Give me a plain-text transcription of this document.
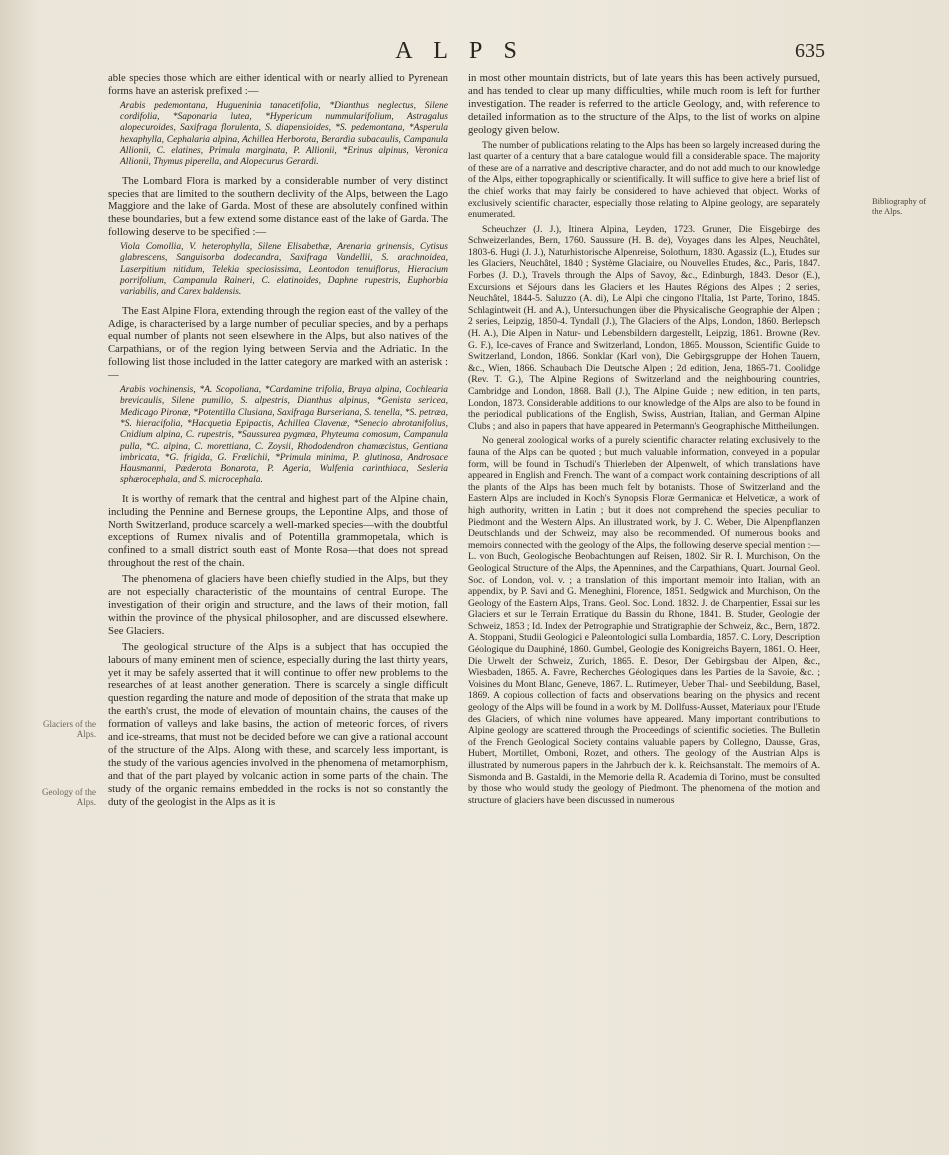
A L P S	635
Glaciers of the Alps.
Geology of the Alps.
Bibliography of the Alps.

able species those which are either identical with or nearly allied to Pyrenean forms have an asterisk prefixed :—

Arabis pedemontana, Hugueninia tanacetifolia, *Dianthus neglectus, Silene cordifolia, *Saponaria lutea, *Hypericum nummularifolium, Astragalus alopecuroides, Saxifraga florulenta, S. diapensioides, *S. pedemontana, *Asperula hexaphylla, Cephalaria alpina, Achillea Herborota, Berardia subacaulis, Campanula Allionii, C. elatines, Primula marginata, P. Allionii, *Erinus alpinus, Veronica Allionii, Thymus piperella, and Alopecurus Gerardi.

The Lombard Flora is marked by a considerable number of very distinct species that are limited to the southern declivity of the Alps, between the Lago Maggiore and the lake of Garda. Most of these are absolutely confined within these boundaries, but a few extend some distance east of the lake of Garda. The following deserve to be specified :—

Viola Comollia, V. heterophylla, Silene Elisabethæ, Arenaria grinensis, Cytisus glabrescens, Sanguisorba dodecandra, Saxifraga Vandellii, S. arachnoidea, Laserpitium nitidum, Telekia speciosissima, Leontodon tenuiflorus, Hieracium porrifolium, Campanula Raineri, C. elatinoides, Daphne rupestris, Euphorbia variabilis, and Carex baldensis.

The East Alpine Flora, extending through the region east of the valley of the Adige, is characterised by a large number of peculiar species, and by a perhaps equal number of plants not seen elsewhere in the Alps, but also natives of the Carpathians, or of the region lying between Servia and the Adriatic. In the following list those included in the latter category are marked with an asterisk :—

Arabis vochinensis, *A. Scopoliana, *Cardamine trifolia, Braya alpina, Cochlearia brevicaulis, Silene pumilio, S. alpestris, Dianthus alpinus, *Genista sericea, Medicago Pironæ, *Potentilla Clusiana, Saxifraga Burseriana, S. tenella, *S. petræa, *S. hieracifolia, *Hacquetia Epipactis, Achillea Clavenæ, *Senecio abrotanifolius, Cnidium alpina, C. rupestris, *Saussurea pygmæa, Phyteuma comosum, Campanula pulla, *C. alpina, C. morettiana, C. Zoysii, Rhododendron chamæcistus, Gentiana imbricata, *G. frigida, G. Frœlichii, *Primula minima, P. glutinosa, Androsace Hausmanni, Pæderota Bonarota, P. Ageria, Wulfenia carinthiaca, Sesleria sphærocephala, and S. microcephala.

It is worthy of remark that the central and highest part of the Alpine chain, including the Pennine and Bernese groups, the Lepontine Alps, and those of North Switzerland, produce scarcely a well-marked species—with the doubtful exceptions of Rumex nivalis and of Potentilla grammopetala, which is confined to a small district south east of Monte Rosa—that does not spread throughout the rest of the chain.

The phenomena of glaciers have been chiefly studied in the Alps, but they are not especially characteristic of the mountains of central Europe. The investigation of their origin and structure, and the laws of their motion, fall within the province of the physical philosopher, and are discussed elsewhere. See Glaciers.

The geological structure of the Alps is a subject that has occupied the labours of many eminent men of science, especially during the last thirty years, yet it may be safely asserted that it will continue to offer new problems to the researches of at least another generation. There is scarcely a single difficult question regarding the nature and mode of deposition of the strata that make up the earth's crust, the mode of elevation of mountain chains, the causes of the formation of valleys and lake basins, the action of meteoric forces, of rivers and ice-streams, that must not be decided before we can give a rational account of the structure of the Alps. Along with these, and scarcely less important, is the study of the various agencies involved in the phenomena of metamorphism, and that of the part played by volcanic action in some parts of the chain. The study of the organic remains embedded in the rocks is not so constantly the duty of the geologist in the Alps as it is

in most other mountain districts, but of late years this has been actively pursued, and has tended to clear up many difficulties, while much room is left for further investigation. The reader is referred to the article Geology, and, with reference to detailed information as to the structure of the Alps, to the list of works on alpine geology given below.

The number of publications relating to the Alps has been so largely increased during the last quarter of a century that a bare catalogue would fill a considerable space. The majority of these are of a narrative and descriptive character, and do not add much to our knowledge of the Alps, either topographically or scientifically. It will suffice to give here a brief list of the chief works that may fairly be considered to have achieved that object. Works of exclusively scientific character, especially those relating to Alpine geology, are separately enumerated.

Scheuchzer (J. J.), Itinera Alpina, Leyden, 1723. Gruner, Die Eisgebirge des Schweizerlandes, Bern, 1760. Saussure (H. B. de), Voyages dans les Alpes, Neuchâtel, 1803-6. Hugi (J. J.), Naturhistorische Alpenreise, Solothurn, 1830. Agassiz (L.), Etudes sur les Glaciers, Neuchâtel, 1840 ; Système Glaciaire, ou Nouvelles Etudes, &c., Paris, 1847. Forbes (J. D.), Travels through the Alps of Savoy, &c., Edinburgh, 1843. Desor (E.), Excursions et Séjours dans les Glaciers et les Hautes Régions des Alpes ; 2 series, Neuchâtel, 1844-5. Saluzzo (A. di), Le Alpi che cingono l'Italia, 1st Parte, Torino, 1845. Schlagintweit (H. and A.), Untersuchungen über die Physicalische Geographie der Alpen ; 2 series, Leipzig, 1850-4. Tyndall (J.), The Glaciers of the Alps, London, 1860. Berlepsch (H. A.), Die Alpen in Natur- und Lebensbildern dargestellt, Leipzig, 1861. Browne (Rev. G. F.), Ice-caves of France and Switzerland, London, 1865. Mousson, Scientific Guide to Switzerland, London, 1866. Sonklar (Karl von), Die Gebirgsgruppe der Hohen Tauern, &c., Wien, 1866. Schaubach Die Deutsche Alpen ; 2d edition, Jena, 1865-71. Coolidge (Rev. T. G.), The Alpine Regions of Switzerland and the neighbouring countries, Cambridge and London, 1868. Ball (J.), The Alpine Guide ; new edition, in ten parts, London, 1873. Considerable additions to our knowledge of the Alps are also to be found in the periodical publications of the English, Swiss, Austrian, Italian, and German Alpine Clubs ; and also in papers that have appeared in Petermann's Geographische Mittheilungen.

No general zoological works of a purely scientific character relating exclusively to the fauna of the Alps can be quoted ; but much valuable information, conveyed in a popular form, will be found in Tschudi's Thierleben der Alpenwelt, of which translations have appeared in English and French. The want of a compact work containing descriptions of all the plants of the Alps has been much felt by botanists. Those of Switzerland and the Eastern Alps are included in Koch's Synopsis Floræ Germanicæ et Helveticæ, a work of high authority, written in Latin ; but it does not comprehend the species peculiar to Piedmont and the Western Alps. An illustrated work, by J. C. Weber, Die Alpenpflanzen Deutschlands und der Schweiz, may also be recommended. Of numerous books and memoirs connected with the geology of the Alps, the following deserve special mention :—L. von Buch, Geologische Beobachtungen auf Reisen, 1802. Sir R. I. Murchison, On the Geological Structure of the Alps, the Apennines, and the Carpathians, Quart. Journal Geol. Soc. of London, vol. v. ; a translation of this important memoir into Italian, with an appendix, by P. Savi and G. Meneghini, Florence, 1851. Sedgwick and Murchison, On the Geology of the Eastern Alps, Trans. Geol. Soc. Lond. 1832. J. de Charpentier, Essai sur les Glaciers et sur le Terrain Erratique du Bassin du Rhone, 1841. B. Studer, Geologie der Schweiz, 1853 ; Id. Index der Petrographie und Stratigraphie der Schweiz, &c., Bern, 1872. A. Stoppani, Studii Geologici e Paleontologici sulla Lombardia, 1857. C. Lory, Description Géologique du Dauphiné, 1860. Gumbel, Geologie des Konigreichs Bayern, 1861. O. Heer, Die Urwelt der Schweiz, Zurich, 1865. E. Desor, Der Gebirgsbau der Alpen, &c., Wiesbaden, 1865. A. Favre, Recherches Géologiques dans les Parties de la Savoie, &c. ; Voisines du Mont Blanc, Geneve, 1867. L. Rutimeyer, Ueber Thal- und Seebildung, Basel, 1869. A copious collection of facts and observations bearing on the physics and recent geology of the Alps will be found in a work by M. Dollfuss-Ausset, Materiaux pour l'Etude des Glaciers, of which nine volumes have appeared. Many important contributions to Alpine geology are scattered through the Proceedings of scientific societies. The Bulletin of the French Geological Society contains valuable papers by Collegno, Dausse, Gras, Hubert, Mortillet, Omboni, Rozet, and others. The geology of the Austrian Alps is illustrated by numerous papers in the Jahrbuch der k. k. Reichsanstalt. The memoirs of A. Sismonda and B. Gastaldi, in the Memorie della R. Academia di Torino, must be consulted by those who would study the geology of Piedmont. The phenomena of the motion and structure of glaciers have been discussed in numerous
